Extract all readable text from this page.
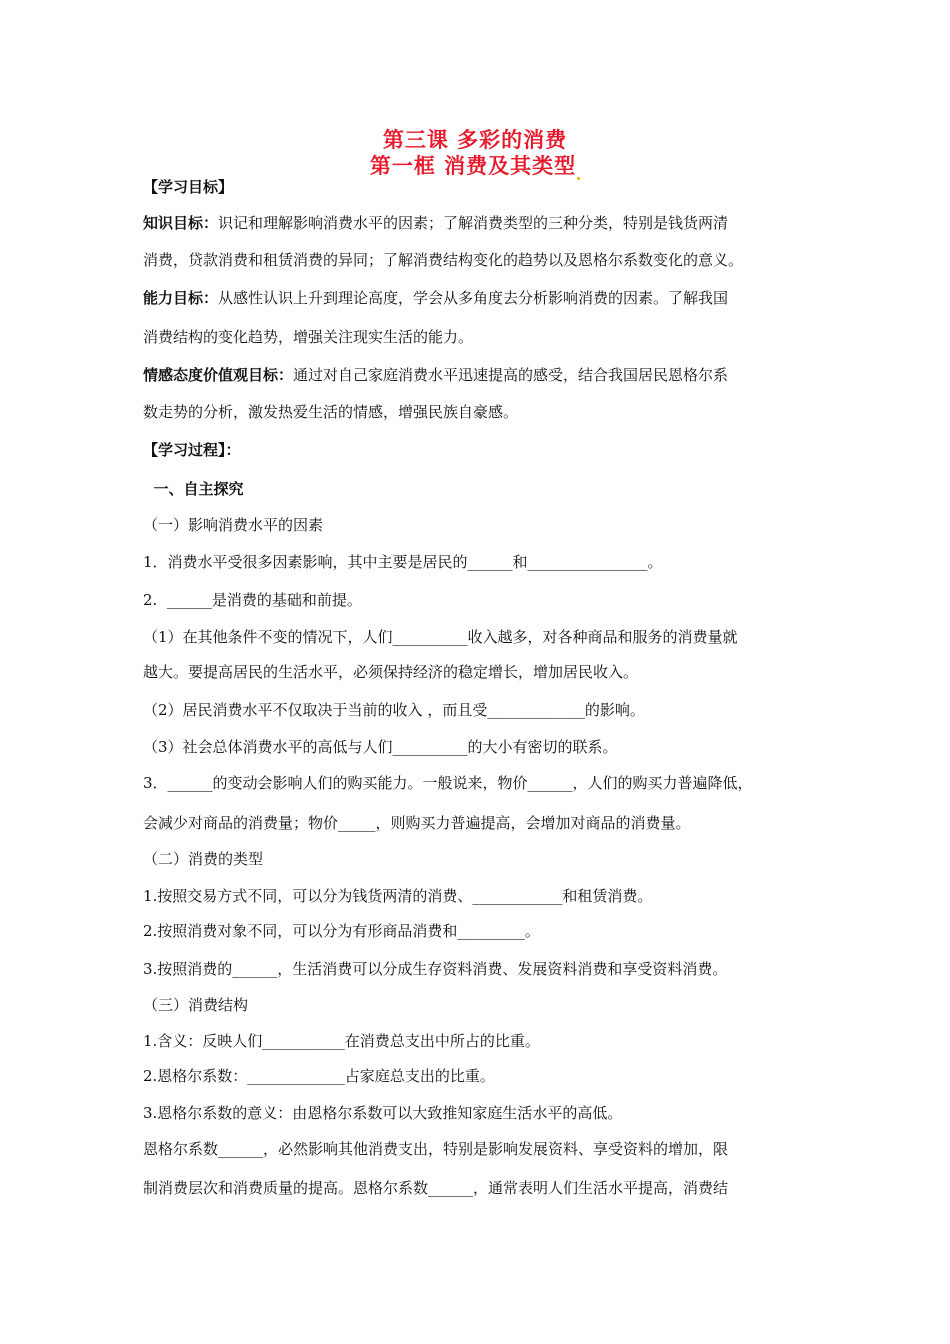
第三课 多彩的消费
第一框 消费及其类型
【学习目标】
知识目标：识记和理解影响消费水平的因素；了解消费类型的三种分类，特别是钱货两清
消费，贷款消费和租赁消费的异同；了解消费结构变化的趋势以及恩格尔系数变化的意义。
能力目标：从感性认识上升到理论高度，学会从多角度去分析影响消费的因素。了解我国
消费结构的变化趋势，增强关注现实生活的能力。
情感态度价值观目标：通过对自己家庭消费水平迅速提高的感受，结合我国居民恩格尔系
数走势的分析，激发热爱生活的情感，增强民族自豪感。
【学习过程】：
一、自主探究
（一）影响消费水平的因素
1．消费水平受很多因素影响，其中主要是居民的______和________________。
2.  ______是消费的基础和前提。
（1）在其他条件不变的情况下，人们__________收入越多，对各种商品和服务的消费量就
越大。要提高居民的生活水平，必须保持经济的稳定增长，增加居民收入。
（2）居民消费水平不仅取决于当前的收入 ，而且受_____________的影响。
（3）社会总体消费水平的高低与人们__________的大小有密切的联系。
3．______的变动会影响人们的购买能力。一般说来，物价______，人们的购买力普遍降低，
会减少对商品的消费量；物价_____，则购买力普遍提高，会增加对商品的消费量。
（二）消费的类型
1.按照交易方式不同，可以分为钱货两清的消费、____________和租赁消费。
2.按照消费对象不同，可以分为有形商品消费和_________。
3.按照消费的______，生活消费可以分成生存资料消费、发展资料消费和享受资料消费。
（三）消费结构
1.含义：反映人们___________在消费总支出中所占的比重。
2.恩格尔系数：_____________占家庭总支出的比重。
3.恩格尔系数的意义：由恩格尔系数可以大致推知家庭生活水平的高低。
恩格尔系数______，必然影响其他消费支出，特别是影响发展资料、享受资料的增加，限
制消费层次和消费质量的提高。恩格尔系数______，通常表明人们生活水平提高，消费结
